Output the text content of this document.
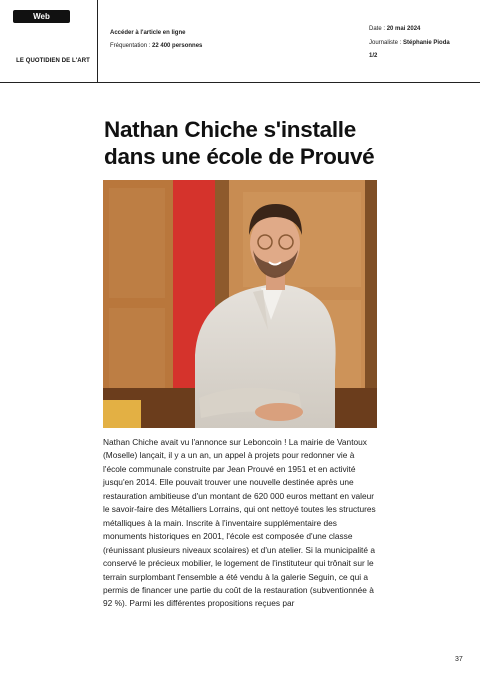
Web
LE QUOTIDIEN DE L'ART
Accéder à l'article en ligne
Fréquentation : 22 400 personnes
Date : 20 mai 2024
Journaliste : Stéphanie Pioda
1/2
Nathan Chiche s'installe dans une école de Prouvé

Nathan Chiche avait vu l'annonce sur Leboncoin ! La mairie de Vantoux (Moselle) lançait, il y a un an, un appel à projets pour redonner vie à l'école communale construite par Jean Prouvé en 1951 et en activité jusqu'en 2014. Elle pouvait trouver une nouvelle destinée après une restauration ambitieuse d'un montant de 620 000 euros mettant en valeur le savoir-faire des Métalliers Lorrains, qui ont nettoyé toutes les structures métalliques à la main. Inscrite à l'inventaire supplémentaire des monuments historiques en 2001, l'école est composée d'une classe (réunissant plusieurs niveaux scolaires) et d'un atelier. Si la municipalité a conservé le précieux mobilier, le logement de l'instituteur qui trônait sur le terrain surplombant l'ensemble a été vendu à la galerie Seguin, ce qui a permis de financer une partie du coût de la restauration (subventionnée à 92 %). Parmi les différentes propositions reçues par

37
